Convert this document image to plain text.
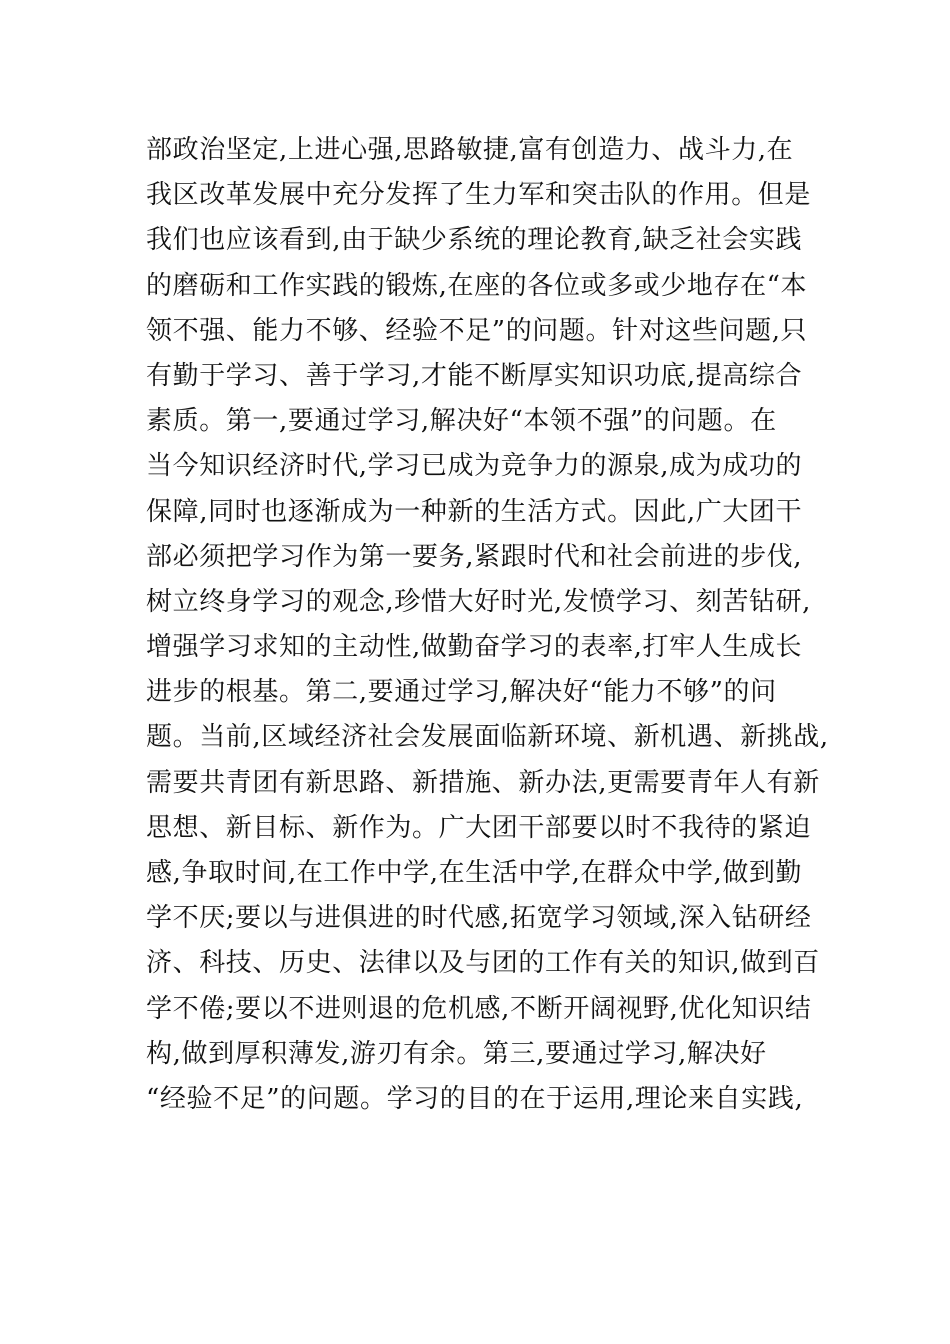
部政治坚定,上进心强,思路敏捷,富有创造力、战斗力,在
我区改革发展中充分发挥了生力军和突击队的作用。但是
我们也应该看到,由于缺少系统的理论教育,缺乏社会实践
的磨砺和工作实践的锻炼,在座的各位或多或少地存在“本
领不强、能力不够、经验不足”的问题。针对这些问题,只
有勤于学习、善于学习,才能不断厚实知识功底,提高综合
素质。第一,要通过学习,解决好“本领不强”的问题。在
当今知识经济时代,学习已成为竞争力的源泉,成为成功的
保障,同时也逐渐成为一种新的生活方式。因此,广大团干
部必须把学习作为第一要务,紧跟时代和社会前进的步伐,
树立终身学习的观念,珍惜大好时光,发愤学习、刻苦钻研,
增强学习求知的主动性,做勤奋学习的表率,打牢人生成长
进步的根基。第二,要通过学习,解决好“能力不够”的问
题。当前,区域经济社会发展面临新环境、新机遇、新挑战,
需要共青团有新思路、新措施、新办法,更需要青年人有新
思想、新目标、新作为。广大团干部要以时不我待的紧迫
感,争取时间,在工作中学,在生活中学,在群众中学,做到勤
学不厌;要以与进俱进的时代感,拓宽学习领域,深入钻研经
济、科技、历史、法律以及与团的工作有关的知识,做到百
学不倦;要以不进则退的危机感,不断开阔视野,优化知识结
构,做到厚积薄发,游刃有余。第三,要通过学习,解决好
“经验不足”的问题。学习的目的在于运用,理论来自实践,
